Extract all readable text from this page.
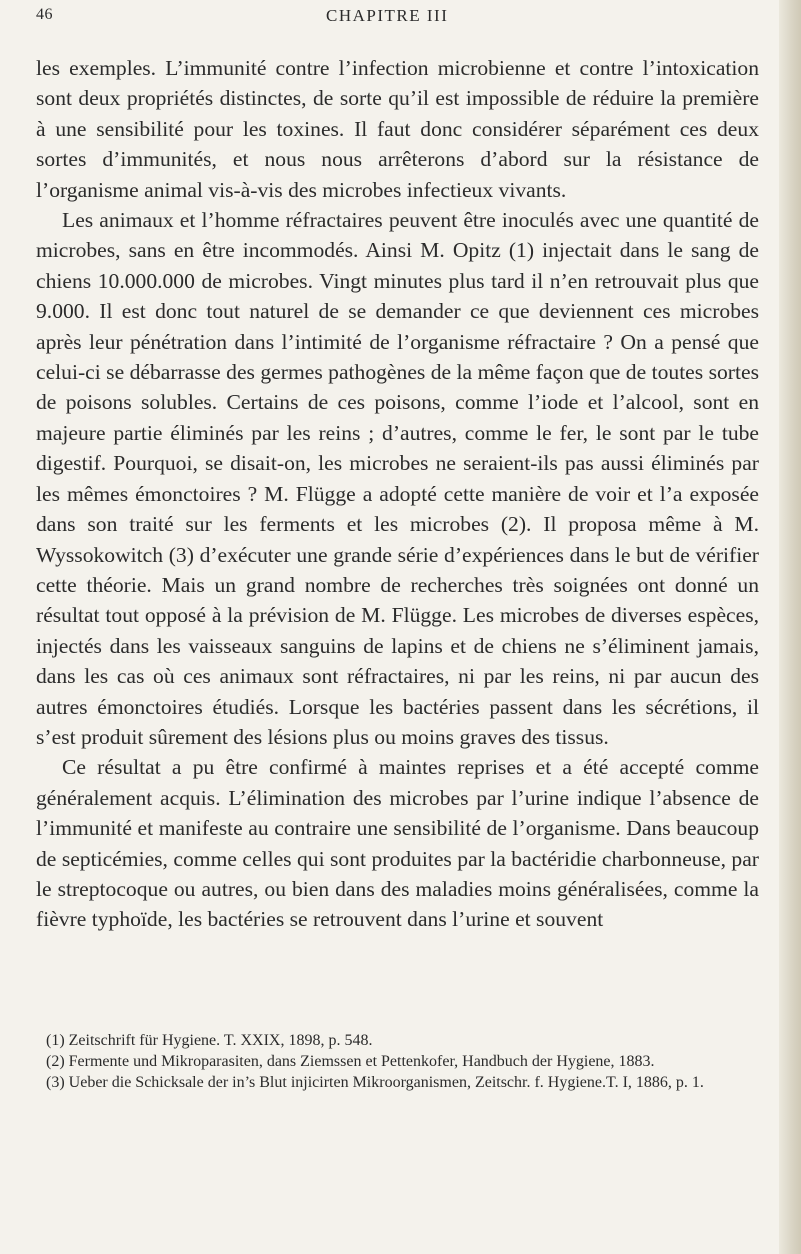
46	CHAPITRE III

les exemples. L’immunité contre l’infection microbienne et contre l’intoxication sont deux propriétés distinctes, de sorte qu’il est impossible de réduire la première à une sensibilité pour les toxines. Il faut donc considérer séparément ces deux sortes d’immunités, et nous nous arrêterons d’abord sur la résistance de l’organisme animal vis-à-vis des microbes infectieux vivants.

Les animaux et l’homme réfractaires peuvent être inoculés avec une quantité de microbes, sans en être incommodés. Ainsi M. Opitz (1) injectait dans le sang de chiens 10.000.000 de microbes. Vingt minutes plus tard il n’en retrouvait plus que 9.000. Il est donc tout naturel de se demander ce que deviennent ces microbes après leur pénétration dans l’intimité de l’organisme réfractaire ? On a pensé que celui-ci se débarrasse des germes pathogènes de la même façon que de toutes sortes de poisons solubles. Certains de ces poisons, comme l’iode et l’alcool, sont en majeure partie éliminés par les reins ; d’autres, comme le fer, le sont par le tube digestif. Pourquoi, se disait-on, les microbes ne seraient-ils pas aussi éliminés par les mêmes émonctoires ? M. Flügge a adopté cette manière de voir et l’a exposée dans son traité sur les ferments et les microbes (2). Il proposa même à M. Wyssokowitch (3) d’exécuter une grande série d’expériences dans le but de vérifier cette théorie. Mais un grand nombre de recherches très soignées ont donné un résultat tout opposé à la prévision de M. Flügge. Les microbes de diverses espèces, injectés dans les vaisseaux sanguins de lapins et de chiens ne s’éliminent jamais, dans les cas où ces animaux sont réfractaires, ni par les reins, ni par aucun des autres émonctoires étudiés. Lorsque les bactéries passent dans les sécrétions, il s’est produit sûrement des lésions plus ou moins graves des tissus.

Ce résultat a pu être confirmé à maintes reprises et a été accepté comme généralement acquis. L’élimination des microbes par l’urine indique l’absence de l’immunité et manifeste au contraire une sensibilité de l’organisme. Dans beaucoup de septicémies, comme celles qui sont produites par la bactéridie charbonneuse, par le streptocoque ou autres, ou bien dans des maladies moins généralisées, comme la fièvre typhoïde, les bactéries se retrouvent dans l’urine et souvent

(1) Zeitschrift für Hygiene. T. XXIX, 1898, p. 548.

(2) Fermente und Mikroparasiten, dans Ziemssen et Pettenkofer, Handbuch der Hygiene, 1883.

(3) Ueber die Schicksale der in’s Blut injicirten Mikroorganismen, Zeitschr. f. Hygiene.T. I, 1886, p. 1.
